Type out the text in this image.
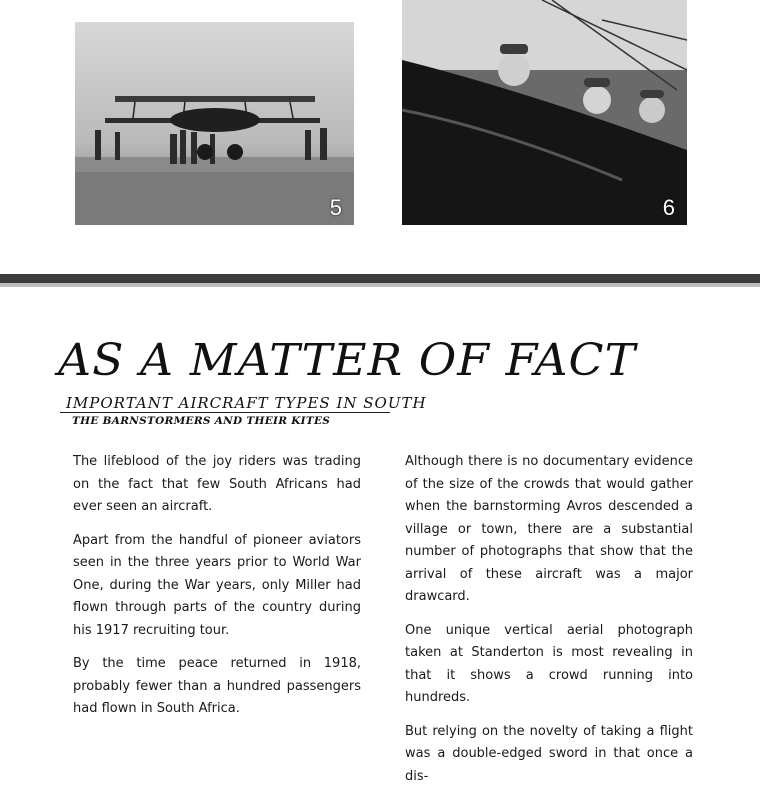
5	6
AS A MATTER OF FACT
IMPORTANT AIRCRAFT TYPES IN SOUTH
THE BARNSTORMERS AND THEIR KITES

The lifeblood of the joy riders was trading on the fact that few South Africans had ever seen an aircraft.

Apart from the handful of pioneer aviators seen in the three years prior to World War One, during the War years, only Miller had flown through parts of the country during his 1917 recruiting tour.

By the time peace returned in 1918, probably fewer than a hundred passengers had flown in South Africa.

Although there is no documentary evidence of the size of the crowds that would gather when the barnstorming Avros descended a village or town, there are a substantial number of photographs that show that the arrival of these aircraft was a major drawcard.

One unique vertical aerial photograph taken at Standerton is most revealing in that it shows a crowd running into hundreds.

But relying on the novelty of taking a flight was a double-edged sword in that once a dis-
